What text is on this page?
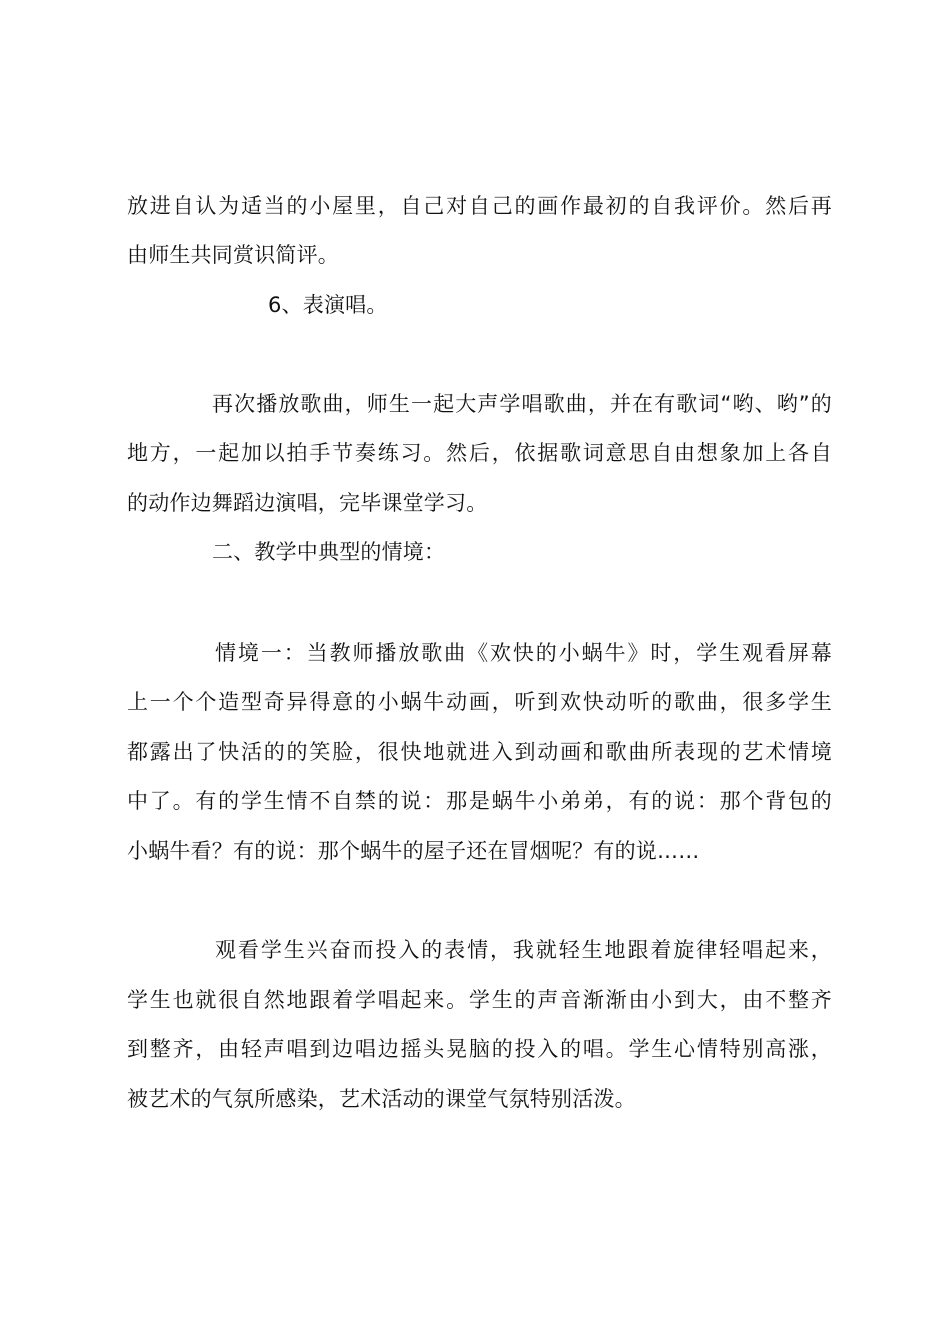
放进自认为适当的小屋里，自己对自己的画作最初的自我评价。然后再
由师生共同赏识简评。
6、表演唱。
再次播放歌曲，师生一起大声学唱歌曲，并在有歌词“哟、哟”的
地方，一起加以拍手节奏练习。然后，依据歌词意思自由想象加上各自
的动作边舞蹈边演唱，完毕课堂学习。
二、教学中典型的情境：
情境一：当教师播放歌曲《欢快的小蜗牛》时，学生观看屏幕
上一个个造型奇异得意的小蜗牛动画，听到欢快动听的歌曲，很多学生
都露出了快活的的笑脸，很快地就进入到动画和歌曲所表现的艺术情境
中了。有的学生情不自禁的说：那是蜗牛小弟弟，有的说：那个背包的
小蜗牛看？有的说：那个蜗牛的屋子还在冒烟呢？有的说……
观看学生兴奋而投入的表情，我就轻生地跟着旋律轻唱起来，
学生也就很自然地跟着学唱起来。学生的声音渐渐由小到大，由不整齐
到整齐，由轻声唱到边唱边摇头晃脑的投入的唱。学生心情特别高涨，
被艺术的气氛所感染，艺术活动的课堂气氛特别活泼。
